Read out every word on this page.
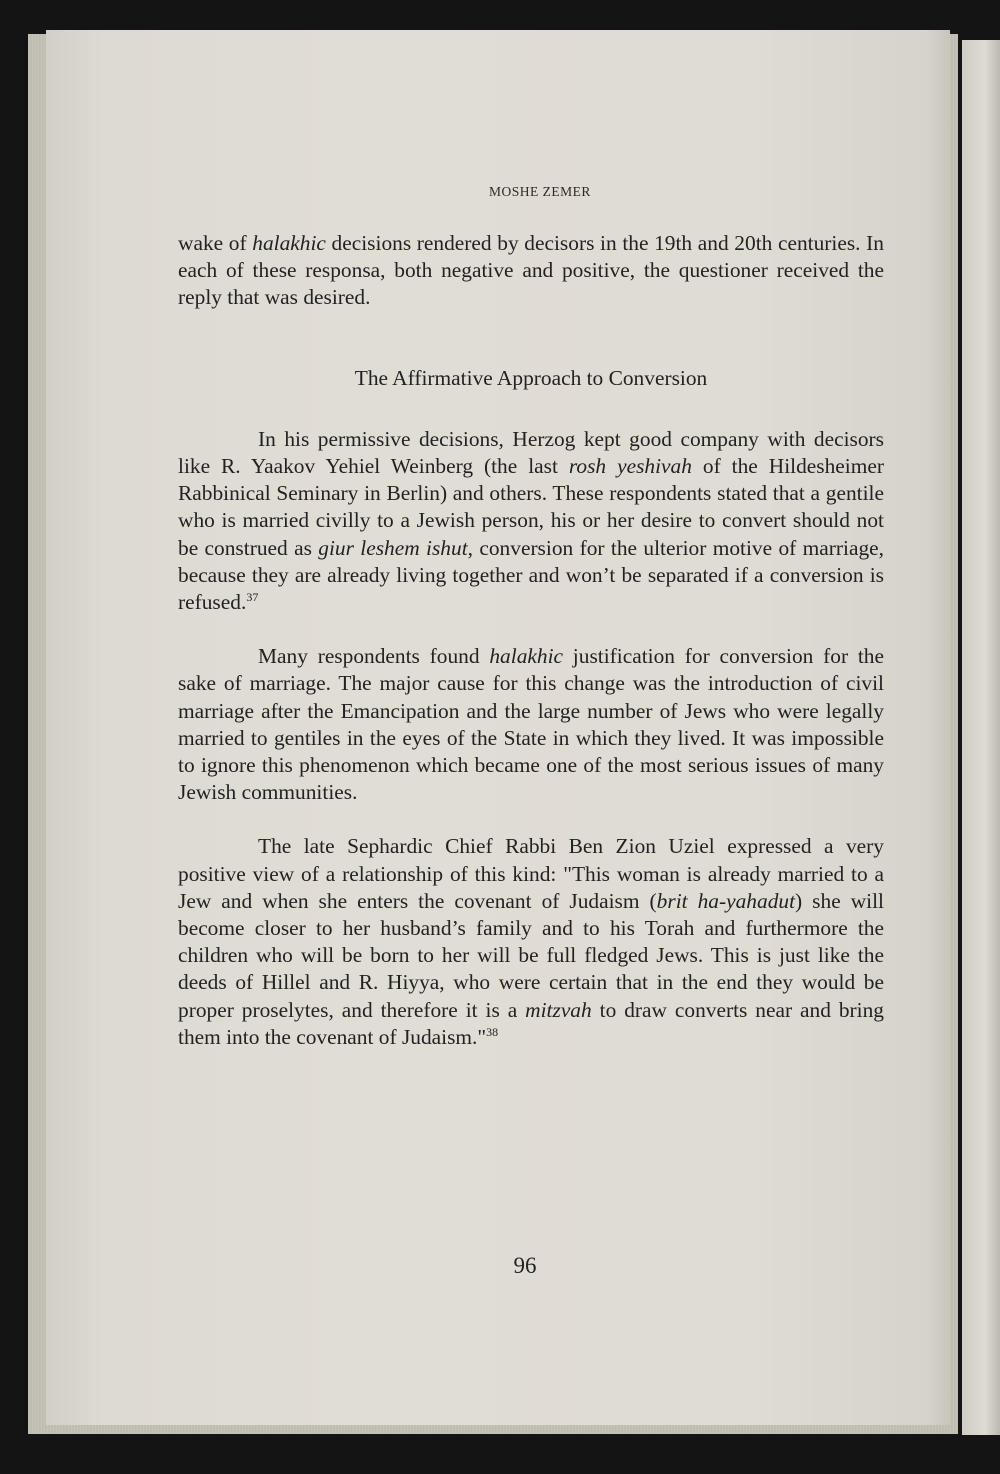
MOSHE ZEMER

wake of halakhic decisions rendered by decisors in the 19th and 20th centuries. In each of these responsa, both negative and positive, the questioner received the reply that was desired.

The Affirmative Approach to Conversion

In his permissive decisions, Herzog kept good company with decisors like R. Yaakov Yehiel Weinberg (the last rosh yeshivah of the Hildesheimer Rabbinical Seminary in Berlin) and others. These respondents stated that a gentile who is married civilly to a Jewish person, his or her desire to convert should not be construed as giur leshem ishut, conversion for the ulterior motive of marriage, because they are already living together and won’t be separated if a conversion is refused.$^{37}$

Many respondents found halakhic justification for conversion for the sake of marriage. The major cause for this change was the introduction of civil marriage after the Emancipation and the large number of Jews who were legally married to gentiles in the eyes of the State in which they lived. It was impossible to ignore this phenomenon which became one of the most serious issues of many Jewish communities.

The late Sephardic Chief Rabbi Ben Zion Uziel expressed a very positive view of a relationship of this kind: "This woman is already married to a Jew and when she enters the covenant of Judaism (brit ha-yahadut) she will become closer to her husband’s family and to his Torah and furthermore the children who will be born to her will be full fledged Jews. This is just like the deeds of Hillel and R. Hiyya, who were certain that in the end they would be proper proselytes, and therefore it is a mitzvah to draw converts near and bring them into the covenant of Judaism."$^{38}$

96
